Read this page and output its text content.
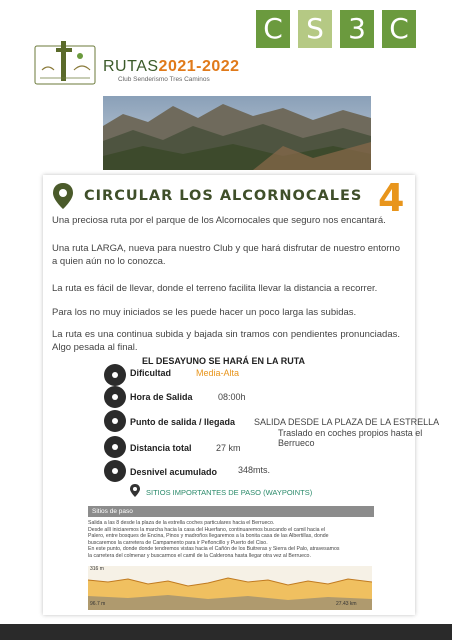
C S 3 C
RUTAS2021-2022
Club Senderismo Tres Caminos
CIRCULAR LOS ALCORNOCALES 4
Una preciosa ruta por el parque de los Alcornocales que seguro nos encantará.
Una ruta LARGA, nueva para nuestro Club y que hará disfrutar de nuestro entorno a quien aún no lo conozca.
La ruta es fácil de llevar, donde el terreno facilita llevar la distancia a recorrer.
Para los no muy iniciados se les puede hacer un poco larga las subidas.
La ruta es una continua subida y bajada sin tramos con pendientes pronunciadas. Algo pesada al final.
EL DESAYUNO SE HARÁ EN LA RUTA
Dificultad	Media-Alta
Hora de Salida	08:00h
Punto de salida / llegada SALIDA DESDE LA PLAZA DE LA ESTRELLA
Traslado en coches propios hasta el Berrueco
Distancia total	27 km
Desnivel acumulado 348mts.
SITIOS IMPORTANTES DE PASO (WAYPOINTS)
Sitios de paso
Salida a las 8 desde la plaza de la estrella coches particulares hacia el Berrueco.
Desde allí iniciaremos la marcha hacia la casa del Huerfano, continuaremos buscando el camil hacia el
Palero, entre bosques de Encina, Pinos y madroños llegaremos a la bonita casa de las Albertillas, donde
buscaremos la carretera de Campamento para ir Peñoncillo y Puerto del Ciso.
En este punto, donde donde tendremos vistas hacia el Cañón de los Buitreras y Sierra del Palo, atravesamos
la carretera del colmenar y buscarmos el camil de la Calderona hasta llegar otra vez al Berrueco.
316 m
96.7 m	27.43 km
